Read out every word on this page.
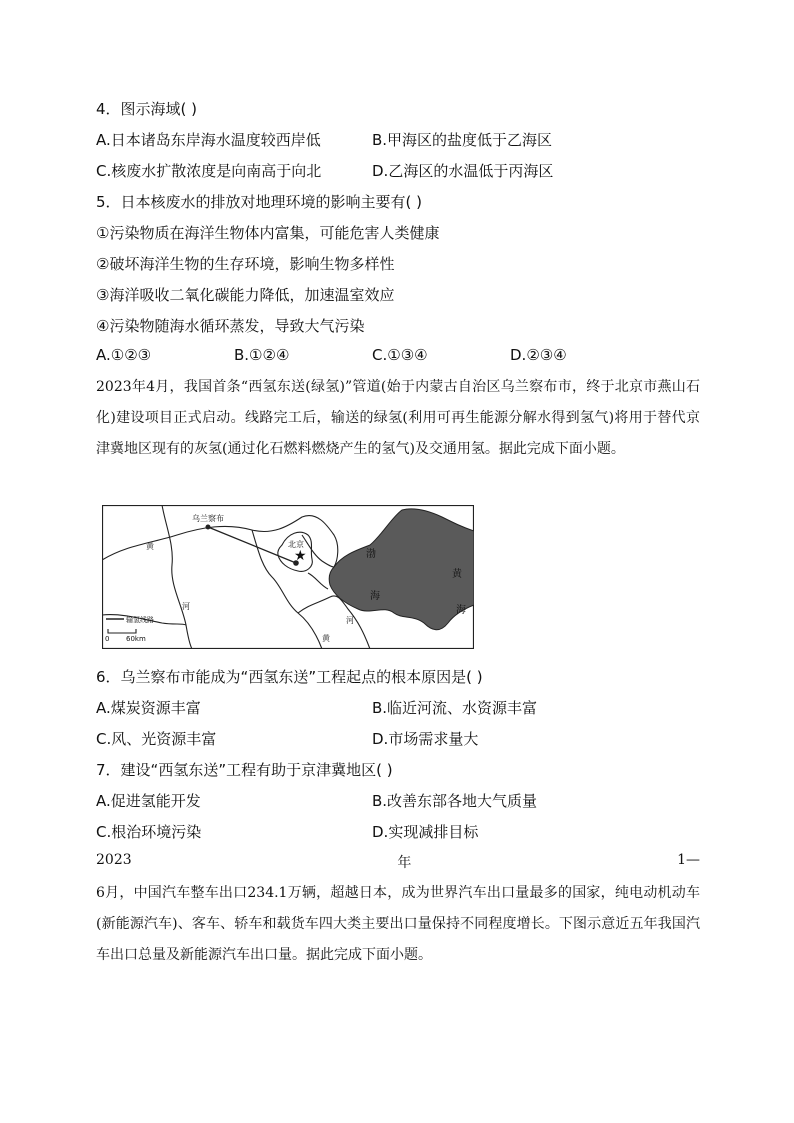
4．图示海域( )
A.日本诸岛东岸海水温度较西岸低	B.甲海区的盐度低于乙海区
C.核废水扩散浓度是向南高于向北	D.乙海区的水温低于丙海区
5．日本核废水的排放对地理环境的影响主要有( )
①污染物质在海洋生物体内富集，可能危害人类健康
②破坏海洋生物的生存环境，影响生物多样性
③海洋吸收二氧化碳能力降低，加速温室效应
④污染物随海水循环蒸发，导致大气污染
A.①②③	B.①②④	C.①③④	D.②③④
2023年4月，我国首条“西氢东送(绿氢)”管道(始于内蒙古自治区乌兰察布市，终于北京市燕山石化)建设项目正式启动。线路完工后，输送的绿氢(利用可再生能源分解水得到氢气)将用于替代京津冀地区现有的灰氢(通过化石燃料燃烧产生的氢气)及交通用氢。据此完成下面小题。
★
乌兰察布
北京
黄
河
渤
海
黄
海
河
黄
输氢线路
0 60km
6．乌兰察布市能成为“西氢东送”工程起点的根本原因是( )
A.煤炭资源丰富	B.临近河流、水资源丰富
C.风、光资源丰富	D.市场需求量大
7．建设“西氢东送”工程有助于京津冀地区( )
A.促进氢能开发	B.改善东部各地大气质量
C.根治环境污染	D.实现减排目标
2023	年	1—
6月，中国汽车整车出口234.1万辆，超越日本，成为世界汽车出口量最多的国家，纯电动机动车(新能源汽车)、客车、轿车和载货车四大类主要出口量保持不同程度增长。下图示意近五年我国汽车出口总量及新能源汽车出口量。据此完成下面小题。
